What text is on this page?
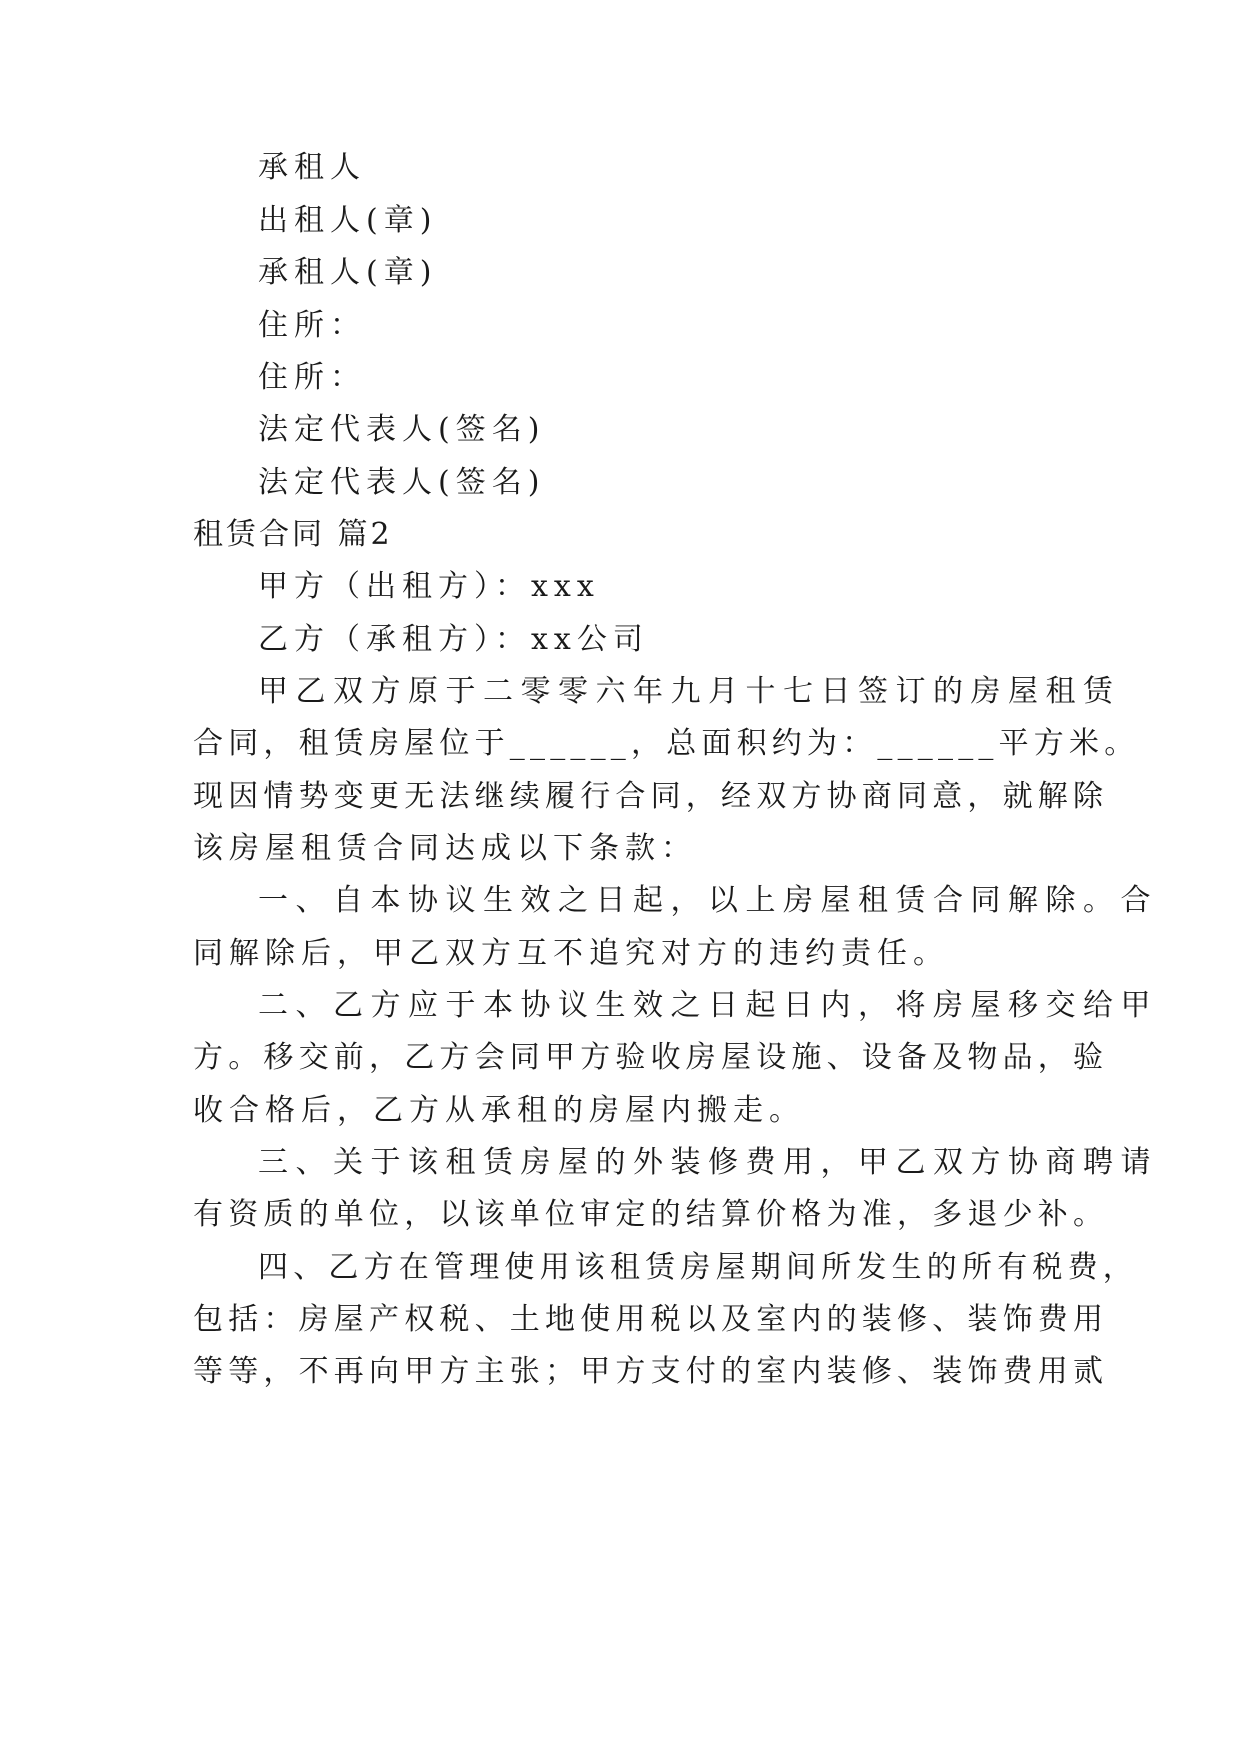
承租人
出租人(章)
承租人(章)
住所：
住所：
法定代表人(签名)
法定代表人(签名)
租赁合同 篇2
甲方（出租方）：xxx
乙方（承租方）：xx公司
甲乙双方原于二零零六年九月十七日签订的房屋租赁
合同，租赁房屋位于______，总面积约为：______平方米。
现因情势变更无法继续履行合同，经双方协商同意，就解除
该房屋租赁合同达成以下条款：
一、自本协议生效之日起，以上房屋租赁合同解除。合
同解除后，甲乙双方互不追究对方的违约责任。
二、乙方应于本协议生效之日起日内，将房屋移交给甲
方。移交前，乙方会同甲方验收房屋设施、设备及物品，验
收合格后，乙方从承租的房屋内搬走。
三、关于该租赁房屋的外装修费用，甲乙双方协商聘请
有资质的单位，以该单位审定的结算价格为准，多退少补。
四、乙方在管理使用该租赁房屋期间所发生的所有税费，
包括：房屋产权税、土地使用税以及室内的装修、装饰费用
等等，不再向甲方主张；甲方支付的室内装修、装饰费用贰
